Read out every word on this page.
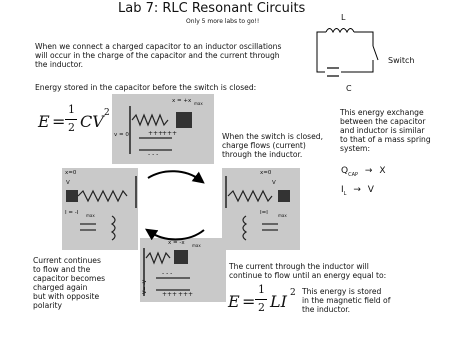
Lab 7: RLC Resonant Circuits
Only 5 more labs to go!!	L
C
Switch
When we connect a charged capacitor to an inductor oscillations
will occur in the charge of the capacitor and the current through
the inductor.
Energy stored in the capacitor before the switch is closed:
E =
1
2 CV 2
x = +x max
v = 0	+++
+++
- - -
x=0
V
I = -I max
x=0
V
I=I	max
x = -x max
V= -V
- - -
+++ +++
When the switch is closed,
charge flows (current)
through the inductor.
This energy exchange
between the capacitor
and inductor is similar
to that of a mass spring
system:
$Q_{CAP} \to X$
$I_L \to V$
Current continues
to flow and the
capacitor becomes
charged again
but with opposite
polarity
The current through the inductor will
continue to flow until an energy equal to:
E =
1
2 LI 2 This energy is stored
in the magnetic field of
the inductor.
